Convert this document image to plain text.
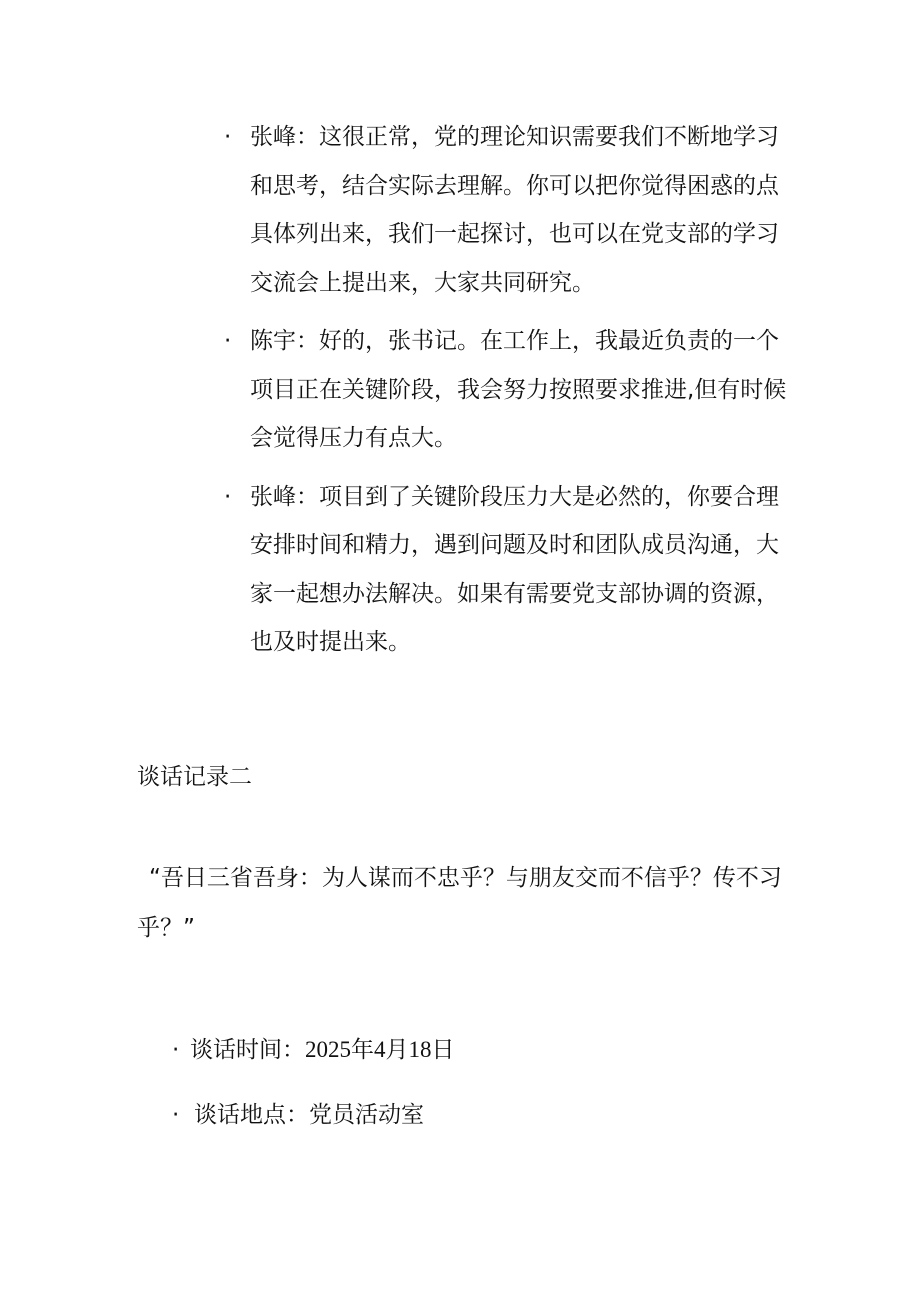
· 张峰：这很正常，党的理论知识需要我们不断地学习和思考，结合实际去理解。你可以把你觉得困惑的点具体列出来，我们一起探讨，也可以在党支部的学习交流会上提出来，大家共同研究。
· 陈宇：好的，张书记。在工作上，我最近负责的一个项目正在关键阶段，我会努力按照要求推进,但有时候会觉得压力有点大。
· 张峰：项目到了关键阶段压力大是必然的，你要合理安排时间和精力，遇到问题及时和团队成员沟通，大家一起想办法解决。如果有需要党支部协调的资源，也及时提出来。
谈话记录二
“吾日三省吾身：为人谋而不忠乎？与朋友交而不信乎？传不习乎？”
· 谈话时间：2025年4月18日
· 谈话地点：党员活动室
